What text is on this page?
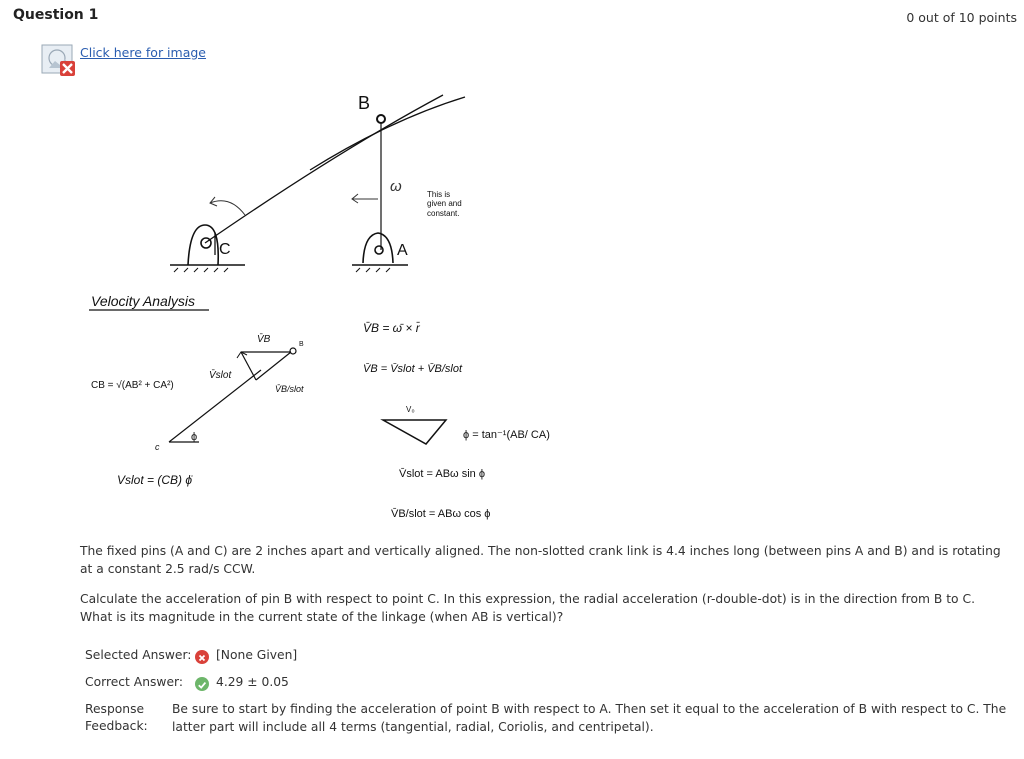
Question 1	0 out of 10 points
Click here for image
B
ω	This is
given and
constant.
C	A
Velocity Analysis
CB = √(AB² + CA²)
V̄B	B
V̄slot
V̄B/slot
c
ϕ
Vslot = (CB) ϕ̇
V̄B = ω̄ × r̄
V̄B = V̄slot + V̄B/slot
V₀
ϕ = tan⁻¹(AB/ CA)
V̄slot = ABω sin ϕ
V̄B/slot = ABω cos ϕ
The fixed pins (A and C) are 2 inches apart and vertically aligned. The non-slotted crank link is 4.4 inches long (between pins A and B) and is rotating at a constant 2.5 rad/s CCW.
Calculate the acceleration of pin B with respect to point C. In this expression, the radial acceleration (r-double-dot) is in the direction from B to C. What is its magnitude in the current state of the linkage (when AB is vertical)?
Selected Answer: [None Given]
Correct Answer:	4.29 ± 0.05
Response
Feedback:
Be sure to start by finding the acceleration of point B with respect to A. Then set it equal to the acceleration of B with respect to C. The latter part will include all 4 terms (tangential, radial, Coriolis, and centripetal).
